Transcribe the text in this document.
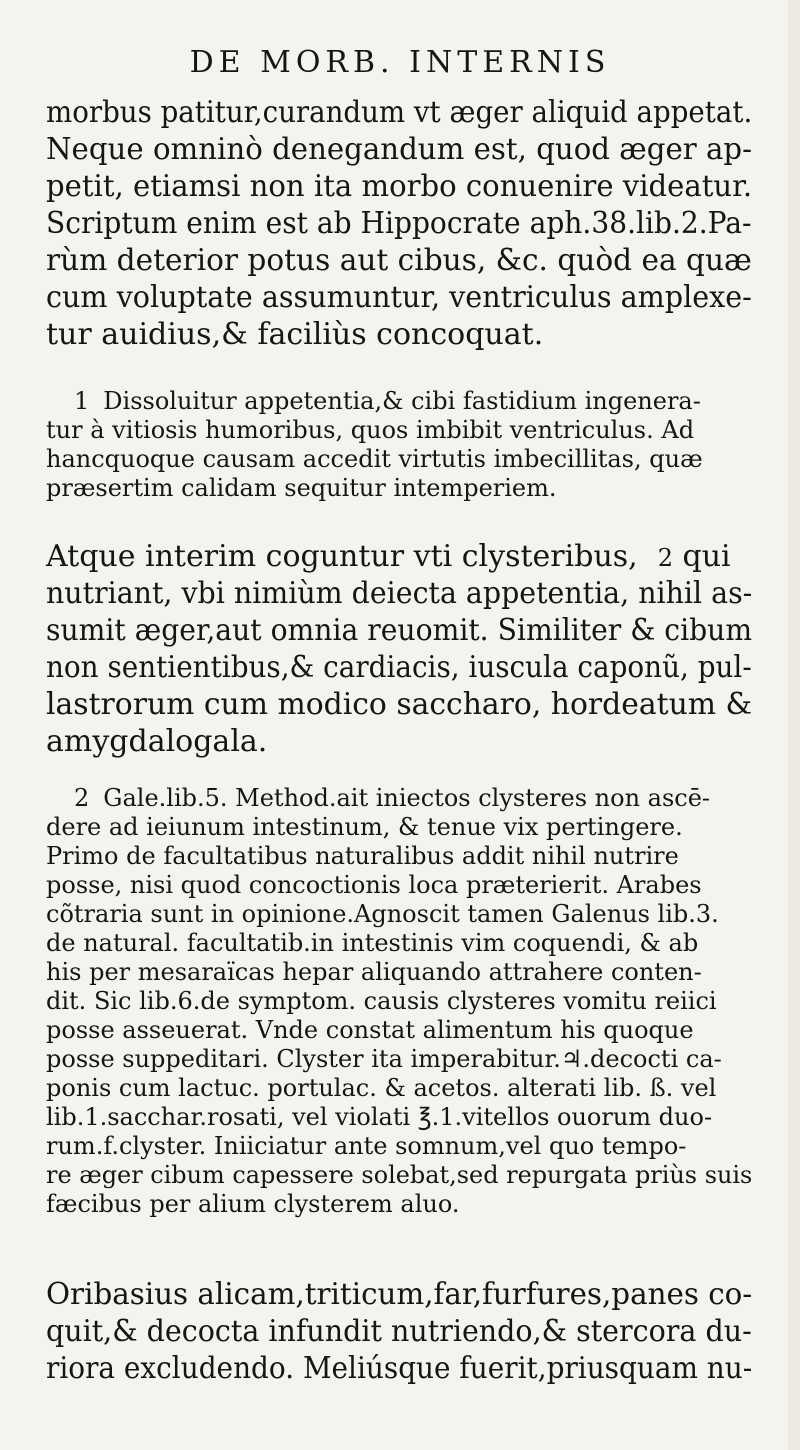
DE MORB. INTERNIS
morbus patitur,curandum vt æger aliquid appetat.
Neque omninò denegandum est, quod æger ap-
petit, etiamsi non ita morbo conuenire videatur.
Scriptum enim est ab Hippocrate aph.38.lib.2.Pa-
rùm deterior potus aut cibus, &c. quòd ea quæ
cum voluptate assumuntur, ventriculus amplexe-
tur auidius,& faciliùs concoquat.
1 Dissoluitur appetentia,& cibi fastidium ingenera-
tur à vitiosis humoribus, quos imbibit ventriculus. Ad
hancquoque causam accedit virtutis imbecillitas, quæ
præsertim calidam sequitur intemperiem.
Atque interim coguntur vti clysteribus, 2 qui
nutriant, vbi nimiùm deiecta appetentia, nihil as-
sumit æger,aut omnia reuomit. Similiter & cibum
non sentientibus,& cardiacis, iuscula caponũ, pul-
lastrorum cum modico saccharo, hordeatum &
amygdalogala.
2 Gale.lib.5. Method.ait iniectos clysteres non ascē-
dere ad ieiunum intestinum, & tenue vix pertingere.
Primo de facultatibus naturalibus addit nihil nutrire
posse, nisi quod concoctionis loca præterierit. Arabes
cõtraria sunt in opinione.Agnoscit tamen Galenus lib.3.
de natural. facultatib.in intestinis vim coquendi, & ab
his per mesaraïcas hepar aliquando attrahere conten-
dit. Sic lib.6.de symptom. causis clysteres vomitu reiici
posse asseuerat. Vnde constat alimentum his quoque
posse suppeditari. Clyster ita imperabitur.♃.decocti ca-
ponis cum lactuc. portulac. & acetos. alterati lib. ß. vel
lib.1.sacchar.rosati, vel violati ℥.1.vitellos ouorum duo-
rum.f.clyster. Iniiciatur ante somnum,vel quo tempo-
re æger cibum capessere solebat,sed repurgata priùs suis
fæcibus per alium clysterem aluo.
Oribasius alicam,triticum,far,furfures,panes co-
quit,& decocta infundit nutriendo,& stercora du-
riora excludendo. Meliúsque fuerit,priusquam nu-
